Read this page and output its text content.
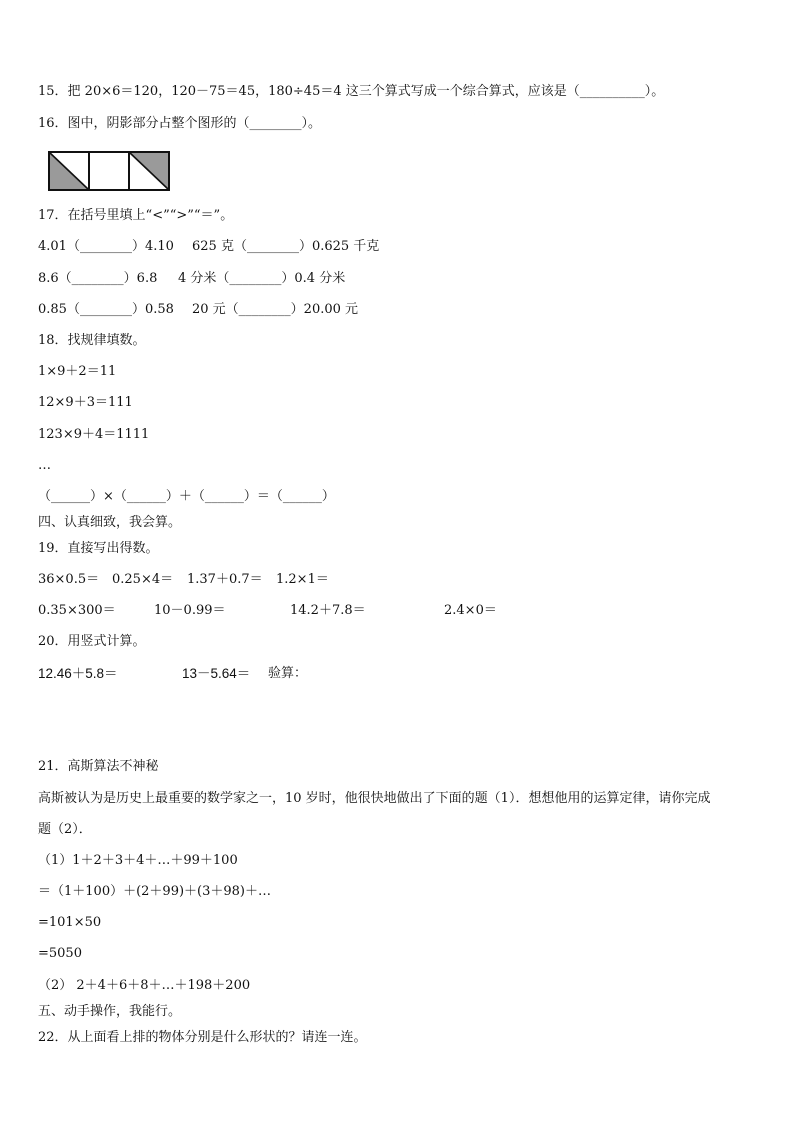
15．把 20×6＝120，120－75＝45，180÷45＝4 这三个算式写成一个综合算式，应该是（__________）。

16．图中，阴影部分占整个图形的（________）。

17．在括号里填上“<”“>”“＝”。

4.01（________）4.10 625 克（________）0.625 千克
8.6（________）6.8 4 分米（________）0.4 分米
0.85（________）0.58 20 元（________）20.00 元

18．找规律填数。

1×9＋2＝11

12×9＋3＝111

123×9＋4＝1111

…

（______）×（______）＋（______）＝（______）

四、认真细致，我会算。

19．直接写出得数。

36×0.5＝ 0.25×4＝ 1.37＋0.7＝ 1.2×1＝
0.35×300＝	10－0.99＝	14.2＋7.8＝	2.4×0＝

20．用竖式计算。

12.46＋5.8＝	13－5.64＝ 验算：

21．高斯算法不神秘

高斯被认为是历史上最重要的数学家之一，10 岁时，他很快地做出了下面的题（1）．想想他用的运算定律，请你完成

题（2）．

（1）1＋2＋3＋4＋…＋99＋100

＝（1＋100）＋(2＋99)＋(3＋98)＋…

=101×50

=5050

（2） 2＋4＋6＋8＋…＋198＋200

五、动手操作，我能行。

22．从上面看上排的物体分别是什么形状的？请连一连。
